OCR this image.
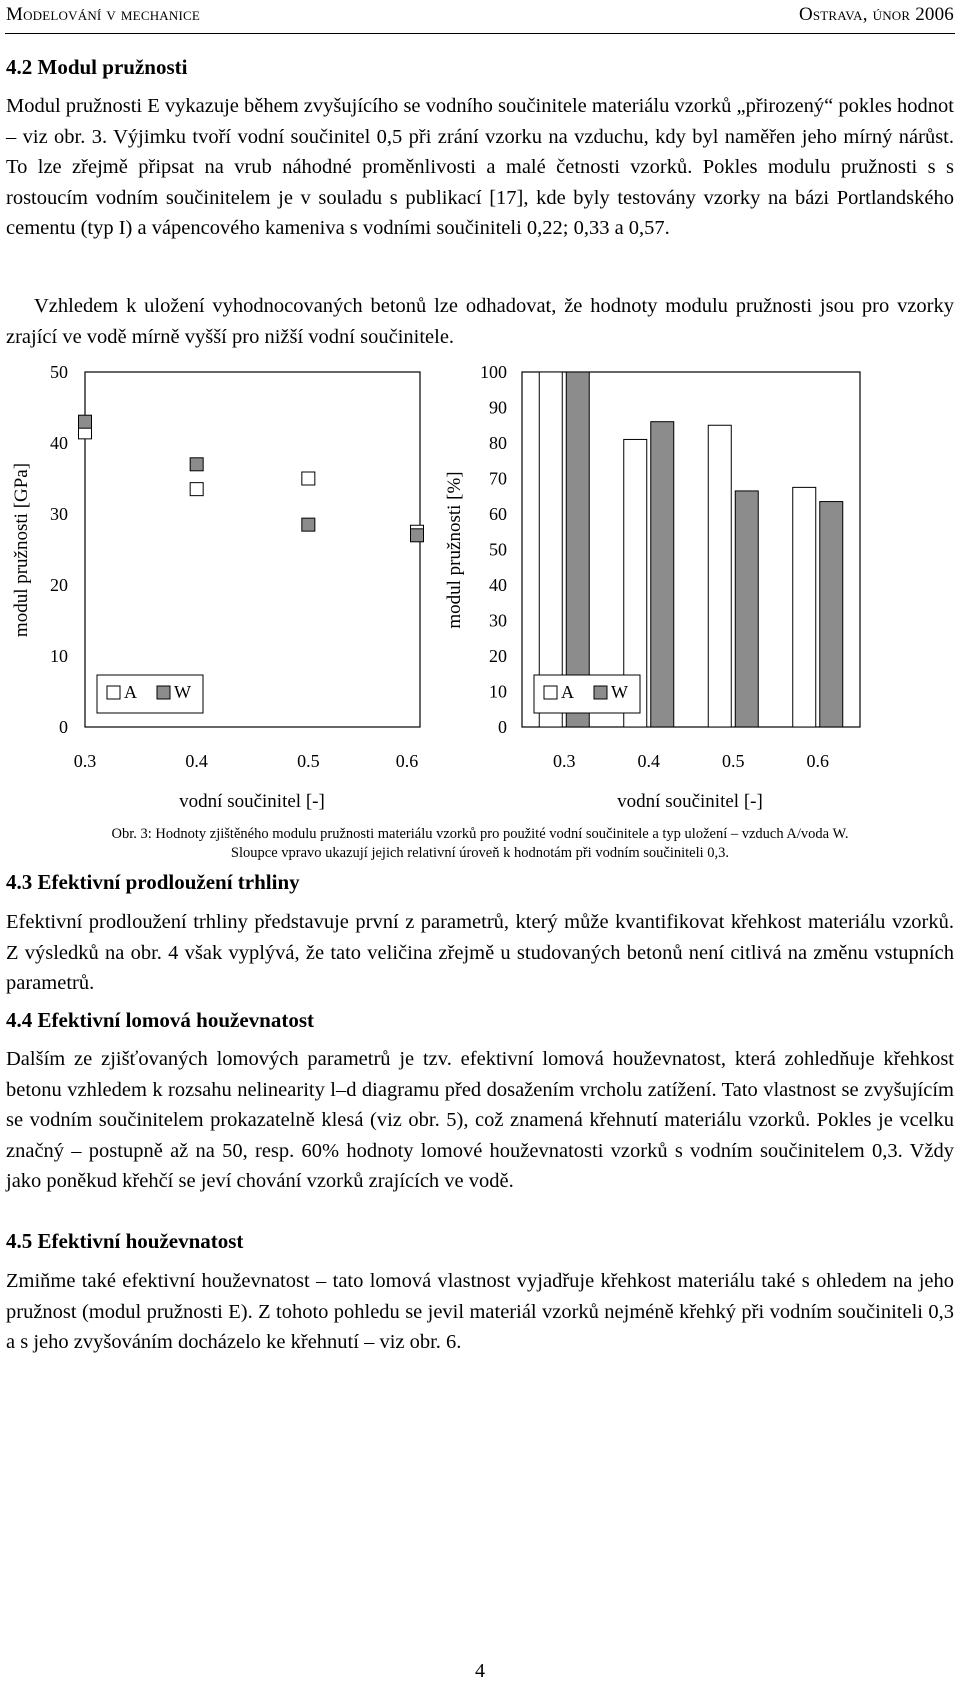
Modelování v mechanice	Ostrava, únor 2006
4.2 Modul pružnosti
Modul pružnosti E vykazuje během zvyšujícího se vodního součinitele materiálu vzorků „přirozený“ pokles hodnot – viz obr. 3. Výjimku tvoří vodní součinitel 0,5 při zrání vzorku na vzduchu, kdy byl naměřen jeho mírný nárůst. To lze zřejmě připsat na vrub náhodné proměnlivosti a malé četnosti vzorků. Pokles modulu pružnosti s s rostoucím vodním součinitelem je v souladu s publikací [17], kde byly testovány vzorky na bázi Portlandského cementu (typ I) a vápencového kameniva s vodními součiniteli 0,22; 0,33 a 0,57.
Vzhledem k uložení vyhodnocovaných betonů lze odhadovat, že hodnoty modulu pružnosti jsou pro vzorky zrající ve vodě mírně vyšší pro nižší vodní součinitele.
0
10
20
30
40
50
0.3	0.4	0.5	0.6
modul pružnosti [GPa]
vodní součinitel [-]
A W
0
10
20
30
40
50
60
70
80
90
100
0.3	0.4	0.5	0.6
modul pružnosti [%]
vodní součinitel [-]
A W
Obr. 3: Hodnoty zjištěného modulu pružnosti materiálu vzorků pro použité vodní součinitele a typ uložení – vzduch A/voda W.
Sloupce vpravo ukazují jejich relativní úroveň k hodnotám při vodním součiniteli 0,3.
4.3 Efektivní prodloužení trhliny
Efektivní prodloužení trhliny představuje první z parametrů, který může kvantifikovat křehkost materiálu vzorků. Z výsledků na obr. 4 však vyplývá, že tato veličina zřejmě u studovaných betonů není citlivá na změnu vstupních parametrů.
4.4 Efektivní lomová houževnatost
Dalším ze zjišťovaných lomových parametrů je tzv. efektivní lomová houževnatost, která zohledňuje křehkost betonu vzhledem k rozsahu nelinearity l–d diagramu před dosažením vrcholu zatížení. Tato vlastnost se zvyšujícím se vodním součinitelem prokazatelně klesá (viz obr. 5), což znamená křehnutí materiálu vzorků. Pokles je vcelku značný – postupně až na 50, resp. 60% hodnoty lomové houževnatosti vzorků s vodním součinitelem 0,3. Vždy jako poněkud křehčí se jeví chování vzorků zrajících ve vodě.
4.5 Efektivní houževnatost
Zmiňme také efektivní houževnatost – tato lomová vlastnost vyjadřuje křehkost materiálu také s ohledem na jeho pružnost (modul pružnosti E). Z tohoto pohledu se jevil materiál vzorků nejméně křehký při vodním součiniteli 0,3 a s jeho zvyšováním docházelo ke křehnutí – viz obr. 6.
4
